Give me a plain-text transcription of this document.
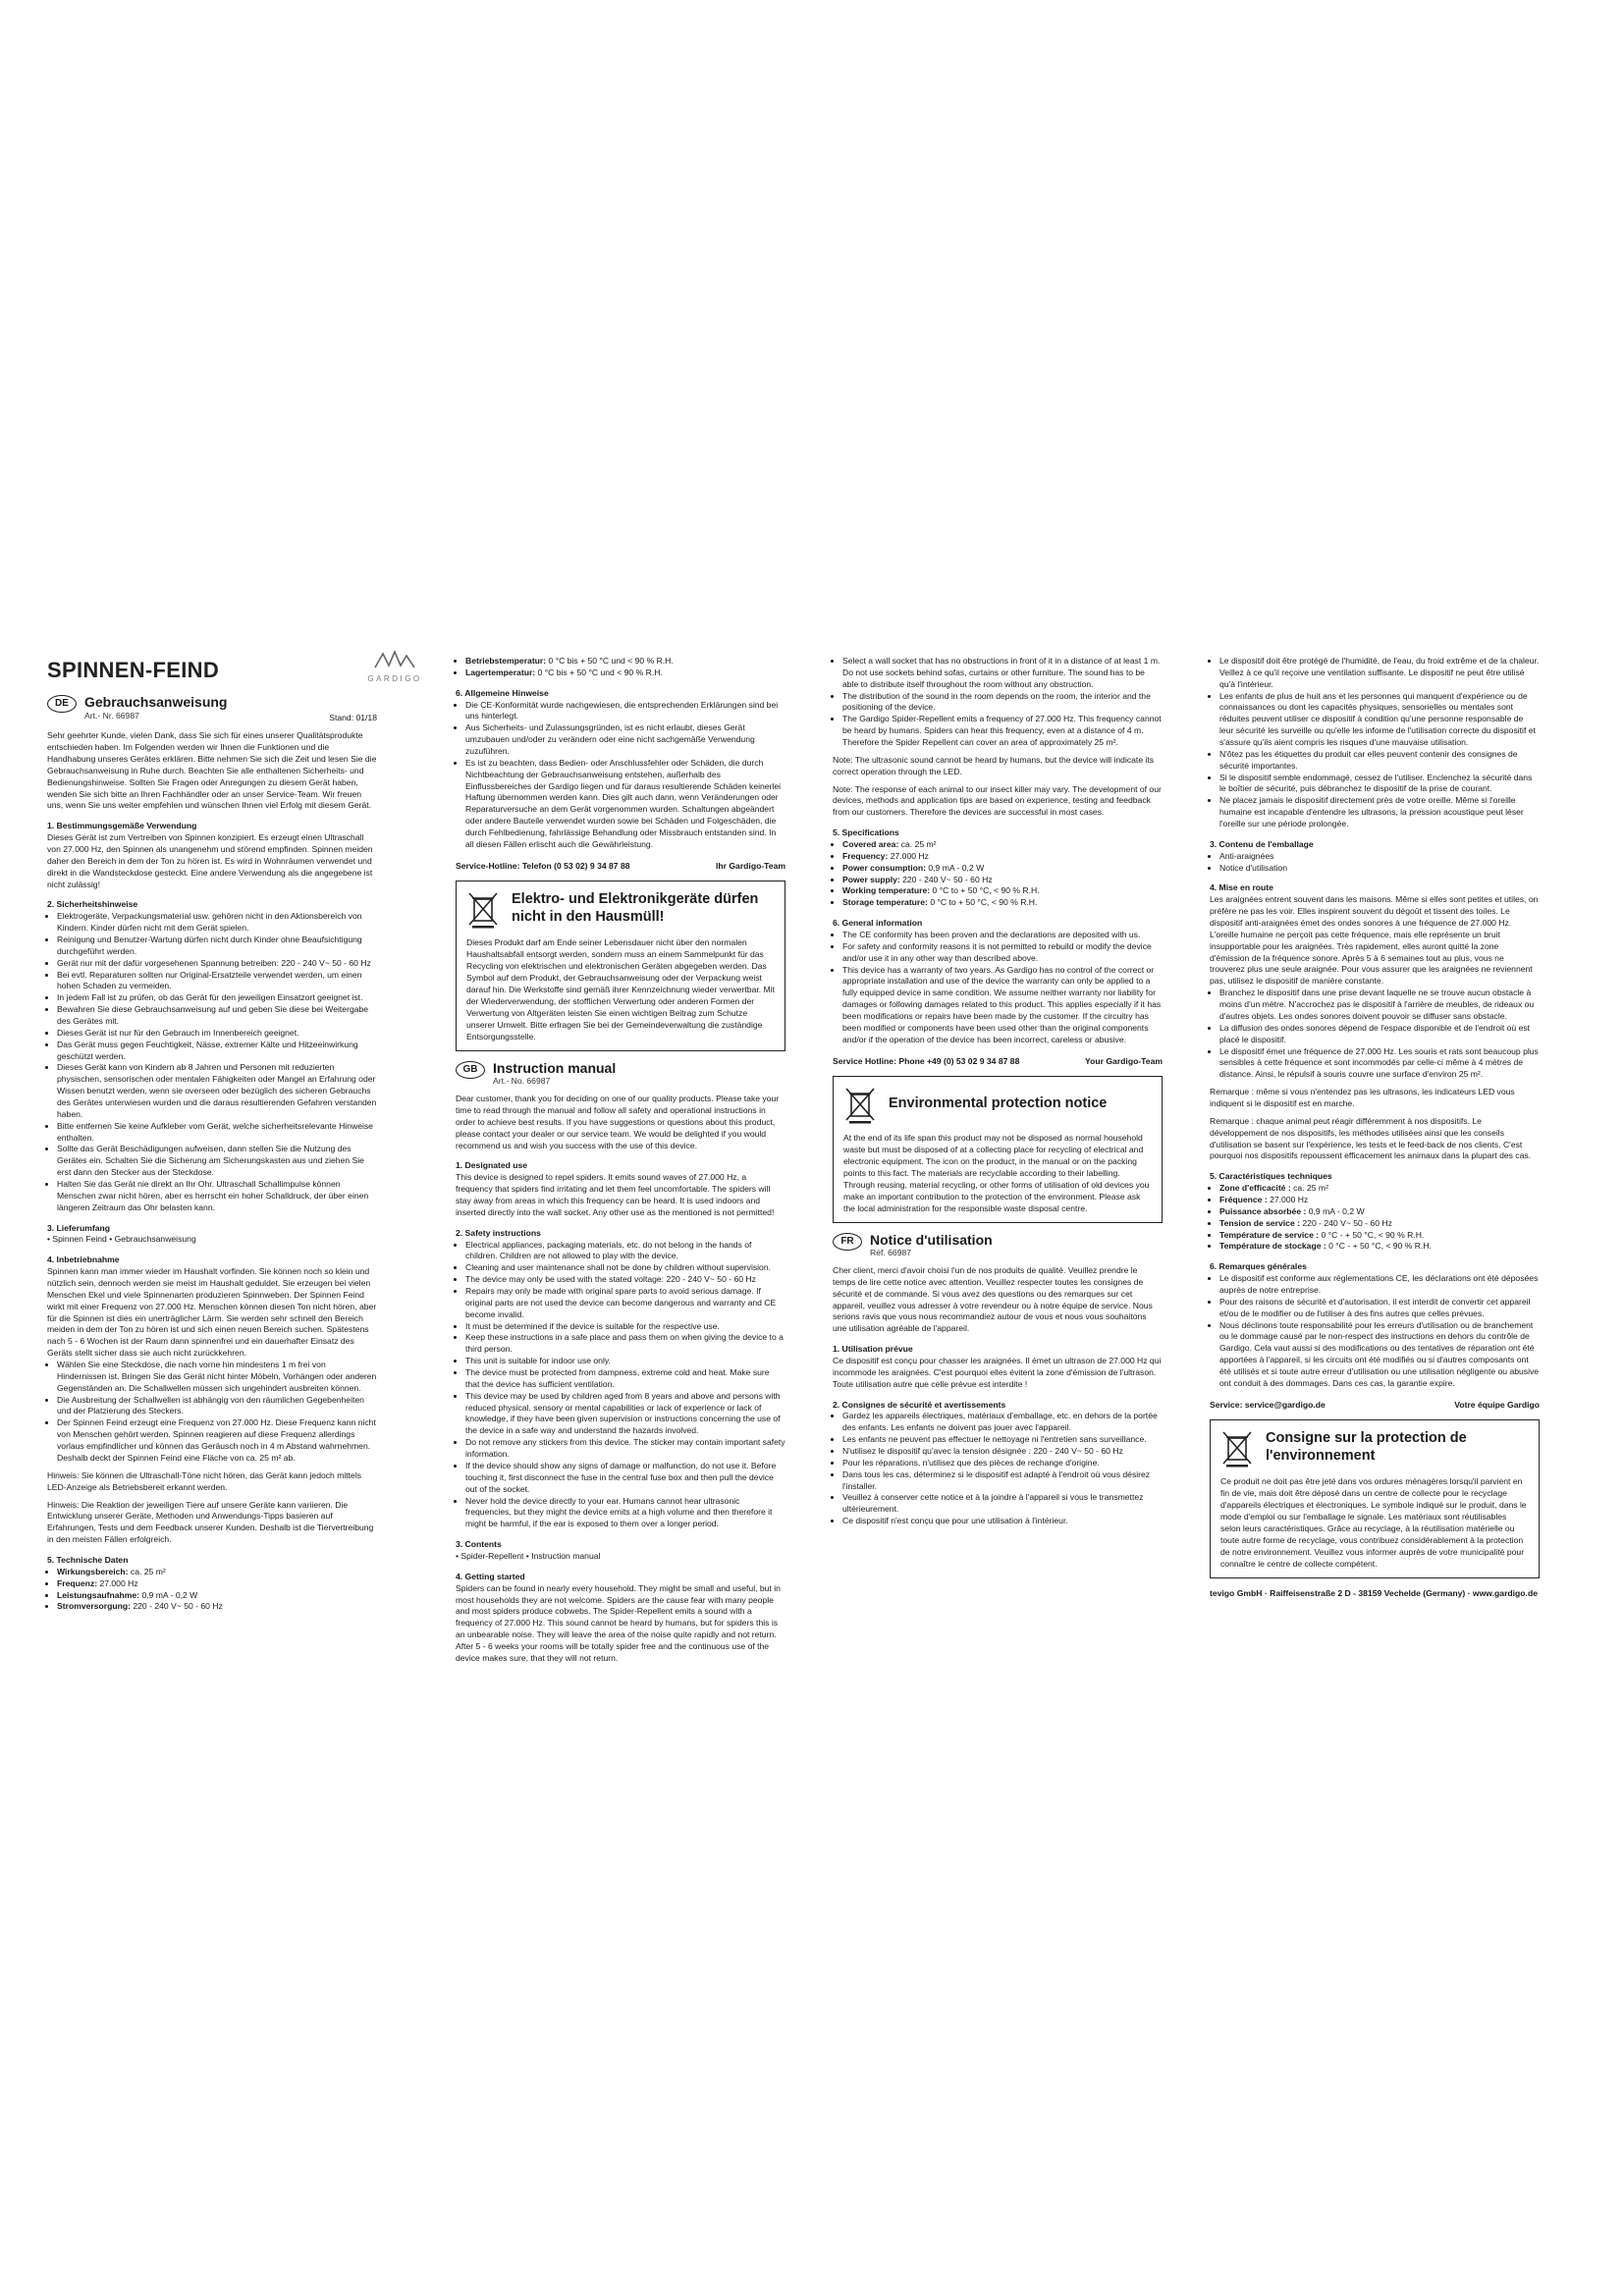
GARDIGO
SPINNEN-FEIND
DE	Gebrauchsanweisung
Art.- Nr. 66987	Stand: 01/18

Sehr geehrter Kunde, vielen Dank, dass Sie sich für eines unserer Qualitätsprodukte entschieden haben. Im Folgenden werden wir Ihnen die Funktionen und die Handhabung unseres Gerätes erklären. Bitte nehmen Sie sich die Zeit und lesen Sie die Gebrauchsanweisung in Ruhe durch. Beachten Sie alle enthaltenen Sicherheits- und Bedienungshinweise. Sollten Sie Fragen oder Anregungen zu diesem Gerät haben, wenden Sie sich bitte an Ihren Fachhändler oder an unser Service-Team. Wir freuen uns, wenn Sie uns weiter empfehlen und wünschen Ihnen viel Erfolg mit diesem Gerät.

1. Bestimmungsgemäße Verwendung
Dieses Gerät ist zum Vertreiben von Spinnen konzipiert. Es erzeugt einen Ultraschall von 27.000 Hz, den Spinnen als unangenehm und störend empfinden. Spinnen meiden daher den Bereich in dem der Ton zu hören ist. Es wird in Wohnräumen verwendet und direkt in die Wandsteckdose gesteckt. Eine andere Verwendung als die angegebene ist nicht zulässig!
2. Sicherheitshinweise
• Elektrogeräte, Verpackungsmaterial usw. gehören nicht in den Aktionsbereich von Kindern. Kinder dürfen nicht mit dem Gerät spielen.
• Reinigung und Benutzer-Wartung dürfen nicht durch Kinder ohne Beaufsichtigung durchgeführt werden.
• Gerät nur mit der dafür vorgesehenen Spannung betreiben: 220 - 240 V~ 50 - 60 Hz
• Bei evtl. Reparaturen sollten nur Original-Ersatzteile verwendet werden, um einen hohen Schaden zu vermeiden.
• In jedem Fall ist zu prüfen, ob das Gerät für den jeweiligen Einsatzort geeignet ist.
• Bewahren Sie diese Gebrauchsanweisung auf und geben Sie diese bei Weitergabe des Gerätes mit.
• Dieses Gerät ist nur für den Gebrauch im Innenbereich geeignet.
• Das Gerät muss gegen Feuchtigkeit, Nässe, extremer Kälte und Hitzeeinwirkung geschützt werden.
• Dieses Gerät kann von Kindern ab 8 Jahren und Personen mit reduzierten physischen, sensorischen oder mentalen Fähigkeiten oder Mangel an Erfahrung oder Wissen benutzt werden, wenn sie overseen oder bezüglich des sicheren Gebrauchs des Gerätes unterwiesen wurden und die daraus resultierenden Gefahren verstanden haben.
• Bitte entfernen Sie keine Aufkleber vom Gerät, welche sicherheitsrelevante Hinweise enthalten.
• Sollte das Gerät Beschädigungen aufweisen, dann stellen Sie die Nutzung des Gerätes ein. Schalten Sie die Sicherung am Sicherungskasten aus und ziehen Sie erst dann den Stecker aus der Steckdose.
• Halten Sie das Gerät nie direkt an Ihr Ohr. Ultraschall Schallimpulse können Menschen zwar nicht hören, aber es herrscht ein hoher Schalldruck, der über einen längeren Zeitraum das Ohr belasten kann.
3. Lieferumfang
• Spinnen Feind • Gebrauchsanweisung
4. Inbetriebnahme
Spinnen kann man immer wieder im Haushalt vorfinden. Sie können noch so klein und nützlich sein, dennoch werden sie meist im Haushalt geduldet. Sie erzeugen bei vielen Menschen Ekel und viele Spinnenarten produzieren Spinnweben. Der Spinnen Feind wirkt mit einer Frequenz von 27.000 Hz. Menschen können diesen Ton nicht hören, aber für die Spinnen ist dies ein unerträglicher Lärm. Sie werden sehr schnell den Bereich meiden in dem der Ton zu hören ist und sich einen neuen Bereich suchen. Spätestens nach 5 - 6 Wochen ist der Raum dann spinnenfrei und ein dauerhafter Einsatz des Geräts stellt sicher dass sie auch nicht zurückkehren.
• Wählen Sie eine Steckdose, die nach vorne hin mindestens 1 m frei von Hindernissen ist. Bringen Sie das Gerät nicht hinter Möbeln, Vorhängen oder anderen Gegenständen an. Die Schallwellen müssen sich ungehindert ausbreiten können.
• Die Ausbreitung der Schallwellen ist abhängig von den räumlichen Gegebenheiten und der Platzierung des Steckers.
• Der Spinnen Feind erzeugt eine Frequenz von 27.000 Hz. Diese Frequenz kann nicht von Menschen gehört werden. Spinnen reagieren auf diese Frequenz allerdings vorlaus empfindlicher und können das Geräusch noch in 4 m Abstand wahrnehmen. Deshalb deckt der Spinnen Feind eine Fläche von ca. 25 m² ab.

Hinweis: Sie können die Ultraschall-Töne nicht hören, das Gerät kann jedoch mittels LED-Anzeige als Betriebsbereit erkannt werden.

Hinweis: Die Reaktion der jeweiligen Tiere auf unsere Geräte kann variieren. Die Entwicklung unserer Geräte, Methoden und Anwendungs-Tipps basieren auf Erfahrungen, Tests und dem Feedback unserer Kunden. Deshalb ist die Tiervertreibung in den meisten Fällen erfolgreich.

5. Technische Daten
• Wirkungsbereich: ca. 25 m²
• Frequenz: 27.000 Hz
• Leistungsaufnahme: 0,9 mA - 0,2 W
• Stromversorgung: 220 - 240 V~ 50 - 60 Hz
• Betriebstemperatur: 0 °C bis + 50 °C und < 90 % R.H.
• Lagertemperatur: 0 °C bis + 50 °C und < 90 % R.H.
6. Allgemeine Hinweise
• Die CE-Konformität wurde nachgewiesen, die entsprechenden Erklärungen sind bei uns hinterlegt.
• Aus Sicherheits- und Zulassungsgründen, ist es nicht erlaubt, dieses Gerät umzubauen und/oder zu verändern oder eine nicht sachgemäße Verwendung zuzuführen.
• Es ist zu beachten, dass Bedien- oder Anschlussfehler oder Schäden, die durch Nichtbeachtung der Gebrauchsanweisung entstehen, außerhalb des Einflussbereiches der Gardigo liegen und für daraus resultierende Schäden keinerlei Haftung übernommen werden kann. Dies gilt auch dann, wenn Veränderungen oder Reparaturversuche an dem Gerät vorgenommen wurden. Schaltungen abgeändert oder andere Bauteile verwendet wurden sowie bei Schäden und Folgeschäden, die durch Fehlbedienung, fahrlässige Behandlung oder Missbrauch entstanden sind. In all diesen Fällen erlischt auch die Gewährleistung.
Service-Hotline: Telefon (0 53 02) 9 34 87 88	Ihr Gardigo-Team
Elektro- und Elektronikgeräte dürfen nicht in den Hausmüll!
Dieses Produkt darf am Ende seiner Lebensdauer nicht über den normalen Haushaltsabfall entsorgt werden, sondern muss an einem Sammelpunkt für das Recycling von elektrischen und elektronischen Geräten abgegeben werden. Das Symbol auf dem Produkt, der Gebrauchsanweisung oder der Verpackung weist darauf hin. Die Werkstoffe sind gemäß ihrer Kennzeichnung wieder verwertbar. Mit der Wiederverwendung, der stofflichen Verwertung oder anderen Formen der Verwertung von Altgeräten leisten Sie einen wichtigen Beitrag zum Schutze unserer Umwelt. Bitte erfragen Sie bei der Gemeindeverwaltung die zuständige Entsorgungsstelle.
GB	Instruction manual
Art.- No. 66987

Dear customer, thank you for deciding on one of our quality products. Please take your time to read through the manual and follow all safety and operational instructions in order to achieve best results. If you have suggestions or questions about this product, please contact your dealer or our service team. We would be delighted if you would recommend us and wish you success with the use of this device.

1. Designated use
This device is designed to repel spiders. It emits sound waves of 27.000 Hz, a frequency that spiders find irritating and let them feel uncomfortable. The spiders will stay away from areas in which this frequency can be heard. It is used indoors and inserted directly into the wall socket. Any other use as the mentioned is not permitted!
2. Safety instructions
• Electrical appliances, packaging materials, etc. do not belong in the hands of children. Children are not allowed to play with the device.
• Cleaning and user maintenance shall not be done by children without supervision.
• The device may only be used with the stated voltage: 220 - 240 V~ 50 - 60 Hz
• Repairs may only be made with original spare parts to avoid serious damage. If original parts are not used the device can become dangerous and warranty and CE become invalid.
• It must be determined if the device is suitable for the respective use.
• Keep these instructions in a safe place and pass them on when giving the device to a third person.
• This unit is suitable for indoor use only.
• The device must be protected from dampness, extreme cold and heat. Make sure that the device has sufficient ventilation.
• This device may be used by children aged from 8 years and above and persons with reduced physical, sensory or mental capabilities or lack of experience or lack of knowledge, if they have been given supervision or instructions concerning the use of the device in a safe way and understand the hazards involved.
• Do not remove any stickers from this device. The sticker may contain important safety information.
• If the device should show any signs of damage or malfunction, do not use it. Before touching it, first disconnect the fuse in the central fuse box and then pull the device out of the socket.
• Never hold the device directly to your ear. Humans cannot hear ultrasonic frequencies, but they might the device emits at a high volume and then therefore it might be harmful, if the ear is exposed to them over a longer period.
3. Contents
• Spider-Repellent • Instruction manual
4. Getting started
Spiders can be found in nearly every household. They might be small and useful, but in most households they are not welcome. Spiders are the cause fear with many people and most spiders produce cobwebs. The Spider-Repellent emits a sound with a frequency of 27.000 Hz. This sound cannot be heard by humans, but for spiders this is an unbearable noise. They will leave the area of the noise quite rapidly and not return. After 5 - 6 weeks your rooms will be totally spider free and the continuous use of the device makes sure, that they will not return.
• Select a wall socket that has no obstructions in front of it in a distance of at least 1 m. Do not use sockets behind sofas, curtains or other furniture. The sound has to be able to distribute itself throughout the room without any obstruction.
• The distribution of the sound in the room depends on the room, the interior and the positioning of the device.
• The Gardigo Spider-Repellent emits a frequency of 27.000 Hz. This frequency cannot be heard by humans. Spiders can hear this frequency, even at a distance of 4 m. Therefore the Spider Repellent can cover an area of approximately 25 m².

Note: The ultrasonic sound cannot be heard by humans, but the device will indicate its correct operation through the LED.

Note: The response of each animal to our insect killer may vary. The development of our devices, methods and application tips are based on experience, testing and feedback from our customers. Therefore the devices are successful in most cases.

5. Specifications
• Covered area: ca. 25 m²
• Frequency: 27.000 Hz
• Power consumption: 0,9 mA - 0,2 W
• Power supply: 220 - 240 V~ 50 - 60 Hz
• Working temperature: 0 °C to + 50 °C, < 90 % R.H.
• Storage temperature: 0 °C to + 50 °C, < 90 % R.H.
6. General information
• The CE conformity has been proven and the declarations are deposited with us.
• For safety and conformity reasons it is not permitted to rebuild or modify the device and/or use it in any other way than described above.
• This device has a warranty of two years. As Gardigo has no control of the correct or appropriate installation and use of the device the warranty can only be applied to a fully equipped device in same condition. We assume neither warranty nor liability for damages or following damages related to this product. This applies especially if it has been modifications or repairs have been made by the customer. If the circuitry has been modified or components have been used other than the original components and/or if the operation of the device has been incorrect, careless or abusive.
Service Hotline: Phone +49 (0) 53 02 9 34 87 88	Your Gardigo-Team
Environmental protection notice
At the end of its life span this product may not be disposed as normal household waste but must be disposed of at a collecting place for recycling of electrical and electronic equipment. The icon on the product, in the manual or on the packing points to this fact. The materials are recyclable according to their labelling. Through reusing, material recycling, or other forms of utilisation of old devices you make an important contribution to the protection of the environment. Please ask the local administration for the responsible waste disposal centre.
FR	Notice d'utilisation
Réf. 66987

Cher client, merci d'avoir choisi l'un de nos produits de qualité. Veuillez prendre le temps de lire cette notice avec attention. Veuillez respecter toutes les consignes de sécurité et de commande. Si vous avez des questions ou des remarques sur cet appareil, veuillez vous adresser à votre revendeur ou à notre équipe de service. Nous serions ravis que vous nous recommandiez autour de vous et nous vous souhaitons une utilisation agréable de l'appareil.

1. Utilisation prévue
Ce dispositif est conçu pour chasser les araignées. Il émet un ultrason de 27.000 Hz qui incommode les araignées. C'est pourquoi elles évitent la zone d'émission de l'ultrason. Toute utilisation autre que celle prévue est interdite !
2. Consignes de sécurité et avertissements
• Gardez les appareils électriques, matériaux d'emballage, etc. en dehors de la portée des enfants. Les enfants ne doivent pas jouer avec l'appareil.
• Les enfants ne peuvent pas effectuer le nettoyage ni l'entretien sans surveillance.
• N'utilisez le dispositif qu'avec la tension désignée : 220 - 240 V~ 50 - 60 Hz
• Pour les réparations, n'utilisez que des pièces de rechange d'origine.
• Dans tous les cas, déterminez si le dispositif est adapté à l'endroit où vous désirez l'installer.
• Veuillez à conserver cette notice et à la joindre à l'appareil si vous le transmettez ultérieurement.
• Ce dispositif n'est conçu que pour une utilisation à l'intérieur.
• Le dispositif doit être protégé de l'humidité, de l'eau, du froid extrême et de la chaleur. Veillez à ce qu'il reçoive une ventilation suffisante. Le dispositif ne peut être utilisé qu'à l'intérieur.
• Les enfants de plus de huit ans et les personnes qui manquent d'expérience ou de connaissances ou dont les capacités physiques, sensorielles ou mentales sont réduites peuvent utiliser ce dispositif à condition qu'une personne responsable de leur sécurité les surveille ou qu'elle les informe de l'utilisation correcte du dispositif et s'assure qu'ils aient compris les risques d'une mauvaise utilisation.
• N'ôtez pas les étiquettes du produit car elles peuvent contenir des consignes de sécurité importantes.
• Si le dispositif semble endommagé, cessez de l'utiliser. Enclenchez la sécurité dans le boîtier de sécurité, puis débranchez le dispositif de la prise de courant.
• Ne placez jamais le dispositif directement près de votre oreille. Même si l'oreille humaine est incapable d'entendre les ultrasons, la pression acoustique peut léser l'oreille sur une période prolongée.
3. Contenu de l'emballage
• Anti-araignées
• Notice d'utilisation
4. Mise en route
Les araignées entrent souvent dans les maisons. Même si elles sont petites et utiles, on préfère ne pas les voir. Elles inspirent souvent du dégoût et tissent des toiles. Le dispositif anti-araignées émet des ondes sonores à une fréquence de 27.000 Hz. L'oreille humaine ne perçoit pas cette fréquence, mais elle représente un bruit insupportable pour les araignées. Très rapidement, elles auront quitté la zone d'émission de la fréquence sonore. Après 5 à 6 semaines tout au plus, vous ne trouverez plus une seule araignée. Pour vous assurer que les araignées ne reviennent pas, utilisez le dispositif de manière constante.
• Branchez le dispositif dans une prise devant laquelle ne se trouve aucun obstacle à moins d'un mètre. N'accrochez pas le dispositif à l'arrière de meubles, de rideaux ou d'autres objets. Les ondes sonores doivent pouvoir se diffuser sans obstacle.
• La diffusion des ondes sonores dépend de l'espace disponible et de l'endroit où est placé le dispositif.
• Le dispositif émet une fréquence de 27.000 Hz. Les souris et rats sont beaucoup plus sensibles à cette fréquence et sont incommodés par celle-ci même à 4 mètres de distance. Ainsi, le répulsif à souris couvre une surface d'environ 25 m².

Remarque : même si vous n'entendez pas les ultrasons, les indicateurs LED vous indiquent si le dispositif est en marche.

Remarque : chaque animal peut réagir différemment à nos dispositifs. Le développement de nos dispositifs, les méthodes utilisées ainsi que les conseils d'utilisation se basent sur l'expérience, les tests et le feed-back de nos clients. C'est pourquoi nos dispositifs repoussent efficacement les animaux dans la plupart des cas.

5. Caractéristiques techniques
• Zone d'efficacité : ca. 25 m²
• Fréquence : 27.000 Hz
• Puissance absorbée : 0,9 mA - 0,2 W
• Tension de service : 220 - 240 V~ 50 - 60 Hz
• Température de service : 0 °C - + 50 °C, < 90 % R.H.
• Température de stockage : 0 °C - + 50 °C, < 90 % R.H.
6. Remarques générales
• Le dispositif est conforme aux réglementations CE, les déclarations ont été déposées auprès de notre entreprise.
• Pour des raisons de sécurité et d'autorisation, il est interdit de convertir cet appareil et/ou de le modifier ou de l'utiliser à des fins autres que celles prévues.
• Nous déclinons toute responsabilité pour les erreurs d'utilisation ou de branchement ou le dommage causé par le non-respect des instructions en dehors du contrôle de Gardigo. Cela vaut aussi si des modifications ou des tentatives de réparation ont été apportées à l'appareil, si les circuits ont été modifiés ou si d'autres composants ont été utilisés et si toute autre erreur d'utilisation ou une utilisation négligente ou abusive ont conduit à des dommages. Dans ces cas, la garantie expire.
Service: service@gardigo.de	Votre équipe Gardigo
Consigne sur la protection de l'environnement
Ce produit ne doit pas être jeté dans vos ordures ménagères lorsqu'il parvient en fin de vie, mais doit être déposé dans un centre de collecte pour le recyclage d'appareils électriques et électroniques. Le symbole indiqué sur le produit, dans le mode d'emploi ou sur l'emballage le signale. Les matériaux sont réutilisables selon leurs caractéristiques. Grâce au recyclage, à la réutilisation matérielle ou toute autre forme de recyclage, vous contribuez considérablement à la protection de notre environnement. Veuillez vous informer auprès de votre municipalité pour connaître le centre de collecte compétent.
tevigo GmbH · Raiffeisenstraße 2 D - 38159 Vechelde (Germany) · www.gardigo.de
